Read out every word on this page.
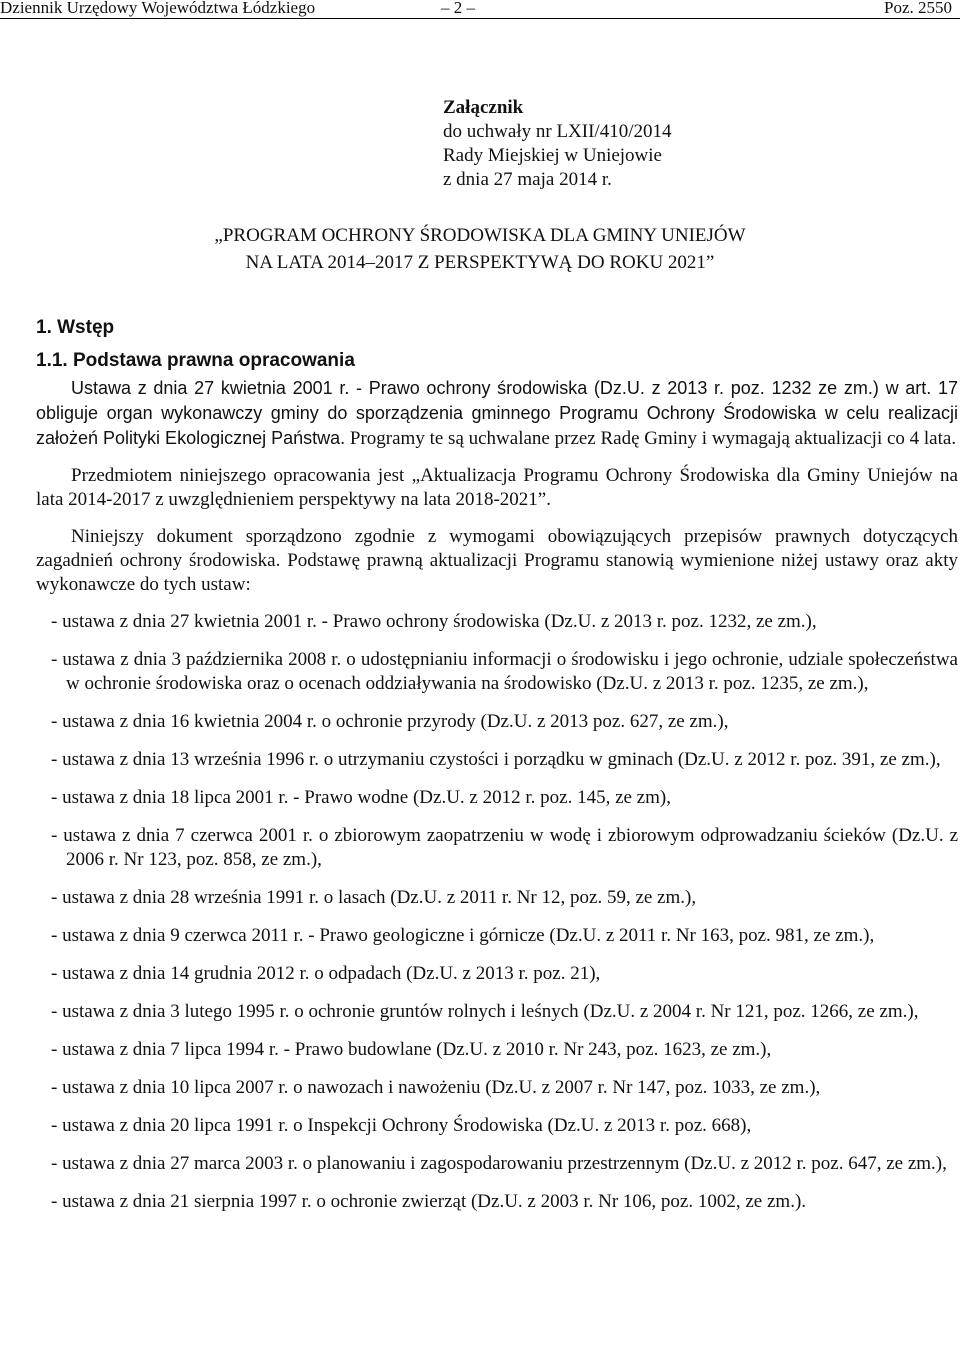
Dziennik Urzędowy Województwa Łódzkiego	– 2 –	Poz. 2550
Załącznik
do uchwały nr LXII/410/2014
Rady Miejskiej w Uniejowie
z dnia 27 maja 2014 r.
„PROGRAM OCHRONY ŚRODOWISKA DLA GMINY UNIEJÓW
NA LATA 2014–2017 Z PERSPEKTYWĄ DO ROKU 2021”
1. Wstęp
1.1. Podstawa prawna opracowania

Ustawa z dnia 27 kwietnia 2001 r. - Prawo ochrony środowiska (Dz.U. z 2013 r. poz. 1232 ze zm.) w art. 17 obliguje organ wykonawczy gminy do sporządzenia gminnego Programu Ochrony Środowiska w celu realizacji założeń Polityki Ekologicznej Państwa. Programy te są uchwalane przez Radę Gminy i wymagają aktualizacji co 4 lata.

Przedmiotem niniejszego opracowania jest „Aktualizacja Programu Ochrony Środowiska dla Gminy Uniejów na lata 2014-2017 z uwzględnieniem perspektywy na lata 2018-2021”.

Niniejszy dokument sporządzono zgodnie z wymogami obowiązujących przepisów prawnych dotyczących zagadnień ochrony środowiska. Podstawę prawną aktualizacji Programu stanowią wymienione niżej ustawy oraz akty wykonawcze do tych ustaw:

- ustawa z dnia 27 kwietnia 2001 r. - Prawo ochrony środowiska (Dz.U. z 2013 r. poz. 1232, ze zm.),
- ustawa z dnia 3 października 2008 r. o udostępnianiu informacji o środowisku i jego ochronie, udziale społeczeństwa w ochronie środowiska oraz o ocenach oddziaływania na środowisko (Dz.U. z 2013 r. poz. 1235, ze zm.),
- ustawa z dnia 16 kwietnia 2004 r. o ochronie przyrody (Dz.U. z 2013 poz. 627, ze zm.),
- ustawa z dnia 13 września 1996 r. o utrzymaniu czystości i porządku w gminach (Dz.U. z 2012 r. poz. 391, ze zm.),
- ustawa z dnia 18 lipca 2001 r. - Prawo wodne (Dz.U. z 2012 r. poz. 145, ze zm),
- ustawa z dnia 7 czerwca 2001 r. o zbiorowym zaopatrzeniu w wodę i zbiorowym odprowadzaniu ścieków (Dz.U. z 2006 r. Nr 123, poz. 858, ze zm.),
- ustawa z dnia 28 września 1991 r. o lasach (Dz.U. z 2011 r. Nr 12, poz. 59, ze zm.),
- ustawa z dnia 9 czerwca 2011 r. - Prawo geologiczne i górnicze (Dz.U. z 2011 r. Nr 163, poz. 981, ze zm.),
- ustawa z dnia 14 grudnia 2012 r. o odpadach (Dz.U. z 2013 r. poz. 21),
- ustawa z dnia 3 lutego 1995 r. o ochronie gruntów rolnych i leśnych (Dz.U. z 2004 r. Nr 121, poz. 1266, ze zm.),
- ustawa z dnia 7 lipca 1994 r. - Prawo budowlane (Dz.U. z 2010 r. Nr 243, poz. 1623, ze zm.),
- ustawa z dnia 10 lipca 2007 r. o nawozach i nawożeniu (Dz.U. z 2007 r. Nr 147, poz. 1033, ze zm.),
- ustawa z dnia 20 lipca 1991 r. o Inspekcji Ochrony Środowiska (Dz.U. z 2013 r. poz. 668),
- ustawa z dnia 27 marca 2003 r. o planowaniu i zagospodarowaniu przestrzennym (Dz.U. z 2012 r. poz. 647, ze zm.),
- ustawa z dnia 21 sierpnia 1997 r. o ochronie zwierząt (Dz.U. z 2003 r. Nr 106, poz. 1002, ze zm.).
